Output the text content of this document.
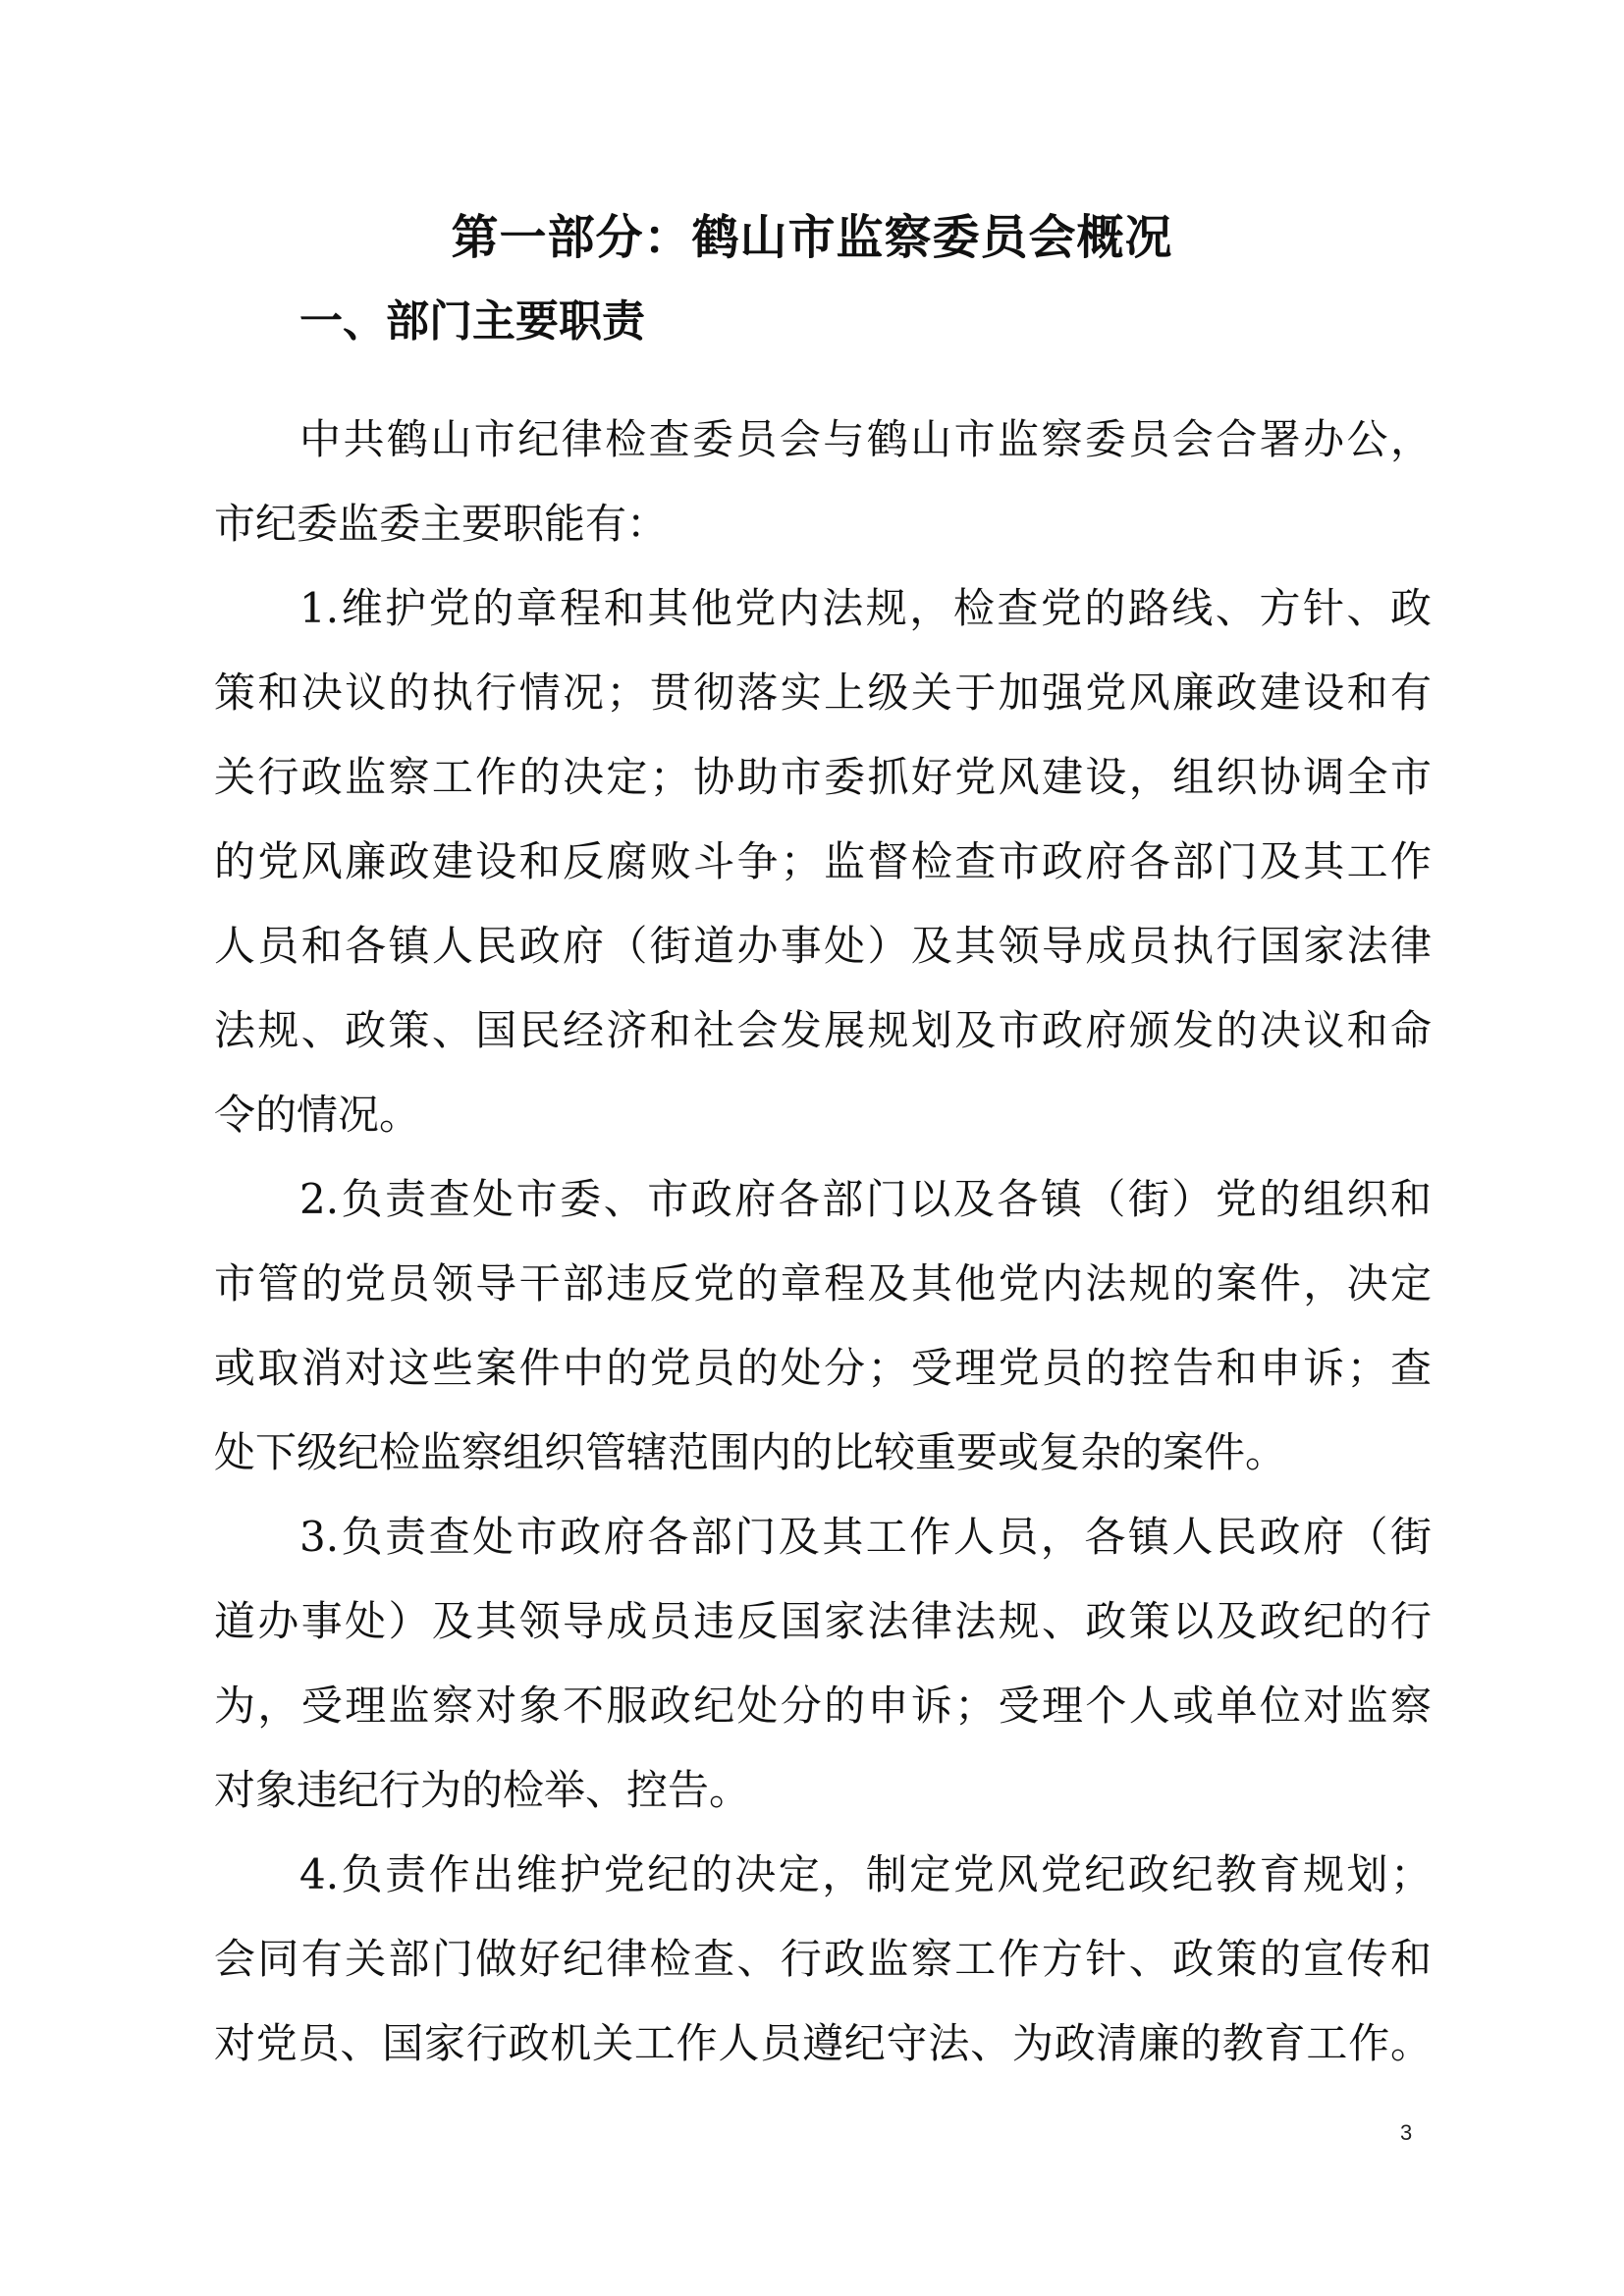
第一部分：鹤山市监察委员会概况
一、部门主要职责
中共鹤山市纪律检查委员会与鹤山市监察委员会合署办公，
市纪委监委主要职能有：
1.维护党的章程和其他党内法规，检查党的路线、方针、政
策和决议的执行情况；贯彻落实上级关于加强党风廉政建设和有
关行政监察工作的决定；协助市委抓好党风建设，组织协调全市
的党风廉政建设和反腐败斗争；监督检查市政府各部门及其工作
人员和各镇人民政府（街道办事处）及其领导成员执行国家法律
法规、政策、国民经济和社会发展规划及市政府颁发的决议和命
令的情况。
2.负责查处市委、市政府各部门以及各镇（街）党的组织和
市管的党员领导干部违反党的章程及其他党内法规的案件，决定
或取消对这些案件中的党员的处分；受理党员的控告和申诉；查
处下级纪检监察组织管辖范围内的比较重要或复杂的案件。
3.负责查处市政府各部门及其工作人员，各镇人民政府（街
道办事处）及其领导成员违反国家法律法规、政策以及政纪的行
为，受理监察对象不服政纪处分的申诉；受理个人或单位对监察
对象违纪行为的检举、控告。
4.负责作出维护党纪的决定，制定党风党纪政纪教育规划；
会同有关部门做好纪律检查、行政监察工作方针、政策的宣传和
对党员、国家行政机关工作人员遵纪守法、为政清廉的教育工作。
3
